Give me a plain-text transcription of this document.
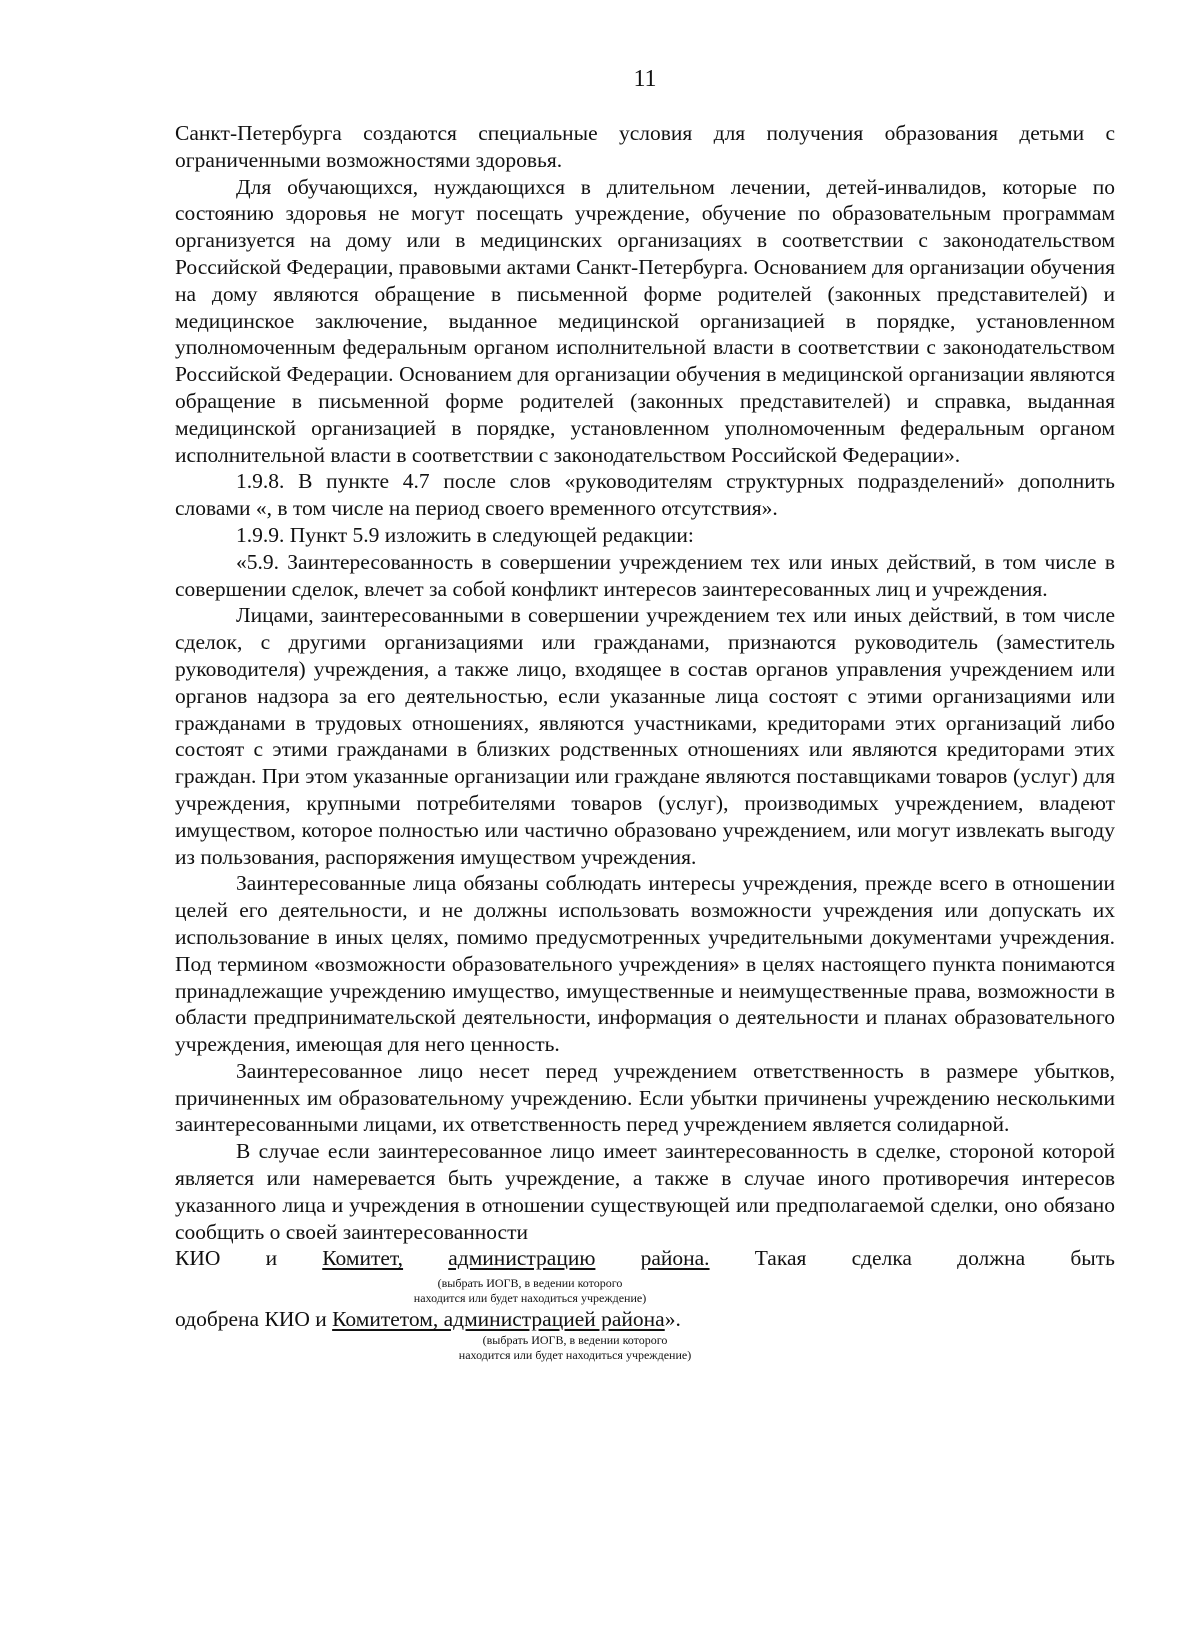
11

Санкт-Петербурга создаются специальные условия для получения образования детьми с ограниченными возможностями здоровья.

Для обучающихся, нуждающихся в длительном лечении, детей-инвалидов, которые по состоянию здоровья не могут посещать учреждение, обучение по образовательным программам организуется на дому или в медицинских организациях в соответствии с законодательством Российской Федерации, правовыми актами Санкт-Петербурга. Основанием для организации обучения на дому являются обращение в письменной форме родителей (законных представителей) и медицинское заключение, выданное медицинской организацией в порядке, установленном уполномоченным федеральным органом исполнительной власти в соответствии с законодательством Российской Федерации. Основанием для организации обучения в медицинской организации являются обращение в письменной форме родителей (законных представителей) и справка, выданная медицинской организацией в порядке, установленном уполномоченным федеральным органом исполнительной власти в соответствии с законодательством Российской Федерации».

1.9.8. В пункте 4.7 после слов «руководителям структурных подразделений» дополнить словами «, в том числе на период своего временного отсутствия».

1.9.9. Пункт 5.9 изложить в следующей редакции:

«5.9. Заинтересованность в совершении учреждением тех или иных действий, в том числе в совершении сделок, влечет за собой конфликт интересов заинтересованных лиц и учреждения.

Лицами, заинтересованными в совершении учреждением тех или иных действий, в том числе сделок, с другими организациями или гражданами, признаются руководитель (заместитель руководителя) учреждения, а также лицо, входящее в состав органов управления учреждением или органов надзора за его деятельностью, если указанные лица состоят с этими организациями или гражданами в трудовых отношениях, являются участниками, кредиторами этих организаций либо состоят с этими гражданами в близких родственных отношениях или являются кредиторами этих граждан. При этом указанные организации или граждане являются поставщиками товаров (услуг) для учреждения, крупными потребителями товаров (услуг), производимых учреждением, владеют имуществом, которое полностью или частично образовано учреждением, или могут извлекать выгоду из пользования, распоряжения имуществом учреждения.

Заинтересованные лица обязаны соблюдать интересы учреждения, прежде всего в отношении целей его деятельности, и не должны использовать возможности учреждения или допускать их использование в иных целях, помимо предусмотренных учредительными документами учреждения. Под термином «возможности образовательного учреждения» в целях настоящего пункта понимаются принадлежащие учреждению имущество, имущественные и неимущественные права, возможности в области предпринимательской деятельности, информация о деятельности и планах образовательного учреждения, имеющая для него ценность.

Заинтересованное лицо несет перед учреждением ответственность в размере убытков, причиненных им образовательному учреждению. Если убытки причинены учреждению несколькими заинтересованными лицами, их ответственность перед учреждением является солидарной.

В случае если заинтересованное лицо имеет заинтересованность в сделке, стороной которой является или намеревается быть учреждение, а также в случае иного противоречия интересов указанного лица и учреждения в отношении существующей или предполагаемой сделки, оно обязано сообщить о своей заинтересованности

КИО и Комитет, администрацию района. Такая сделка должна быть
(выбрать ИОГВ, в ведении которого
находится или будет находиться учреждение)

одобрена КИО и Комитетом, администрацией района».

(выбрать ИОГВ, в ведении которого
находится или будет находиться учреждение)
